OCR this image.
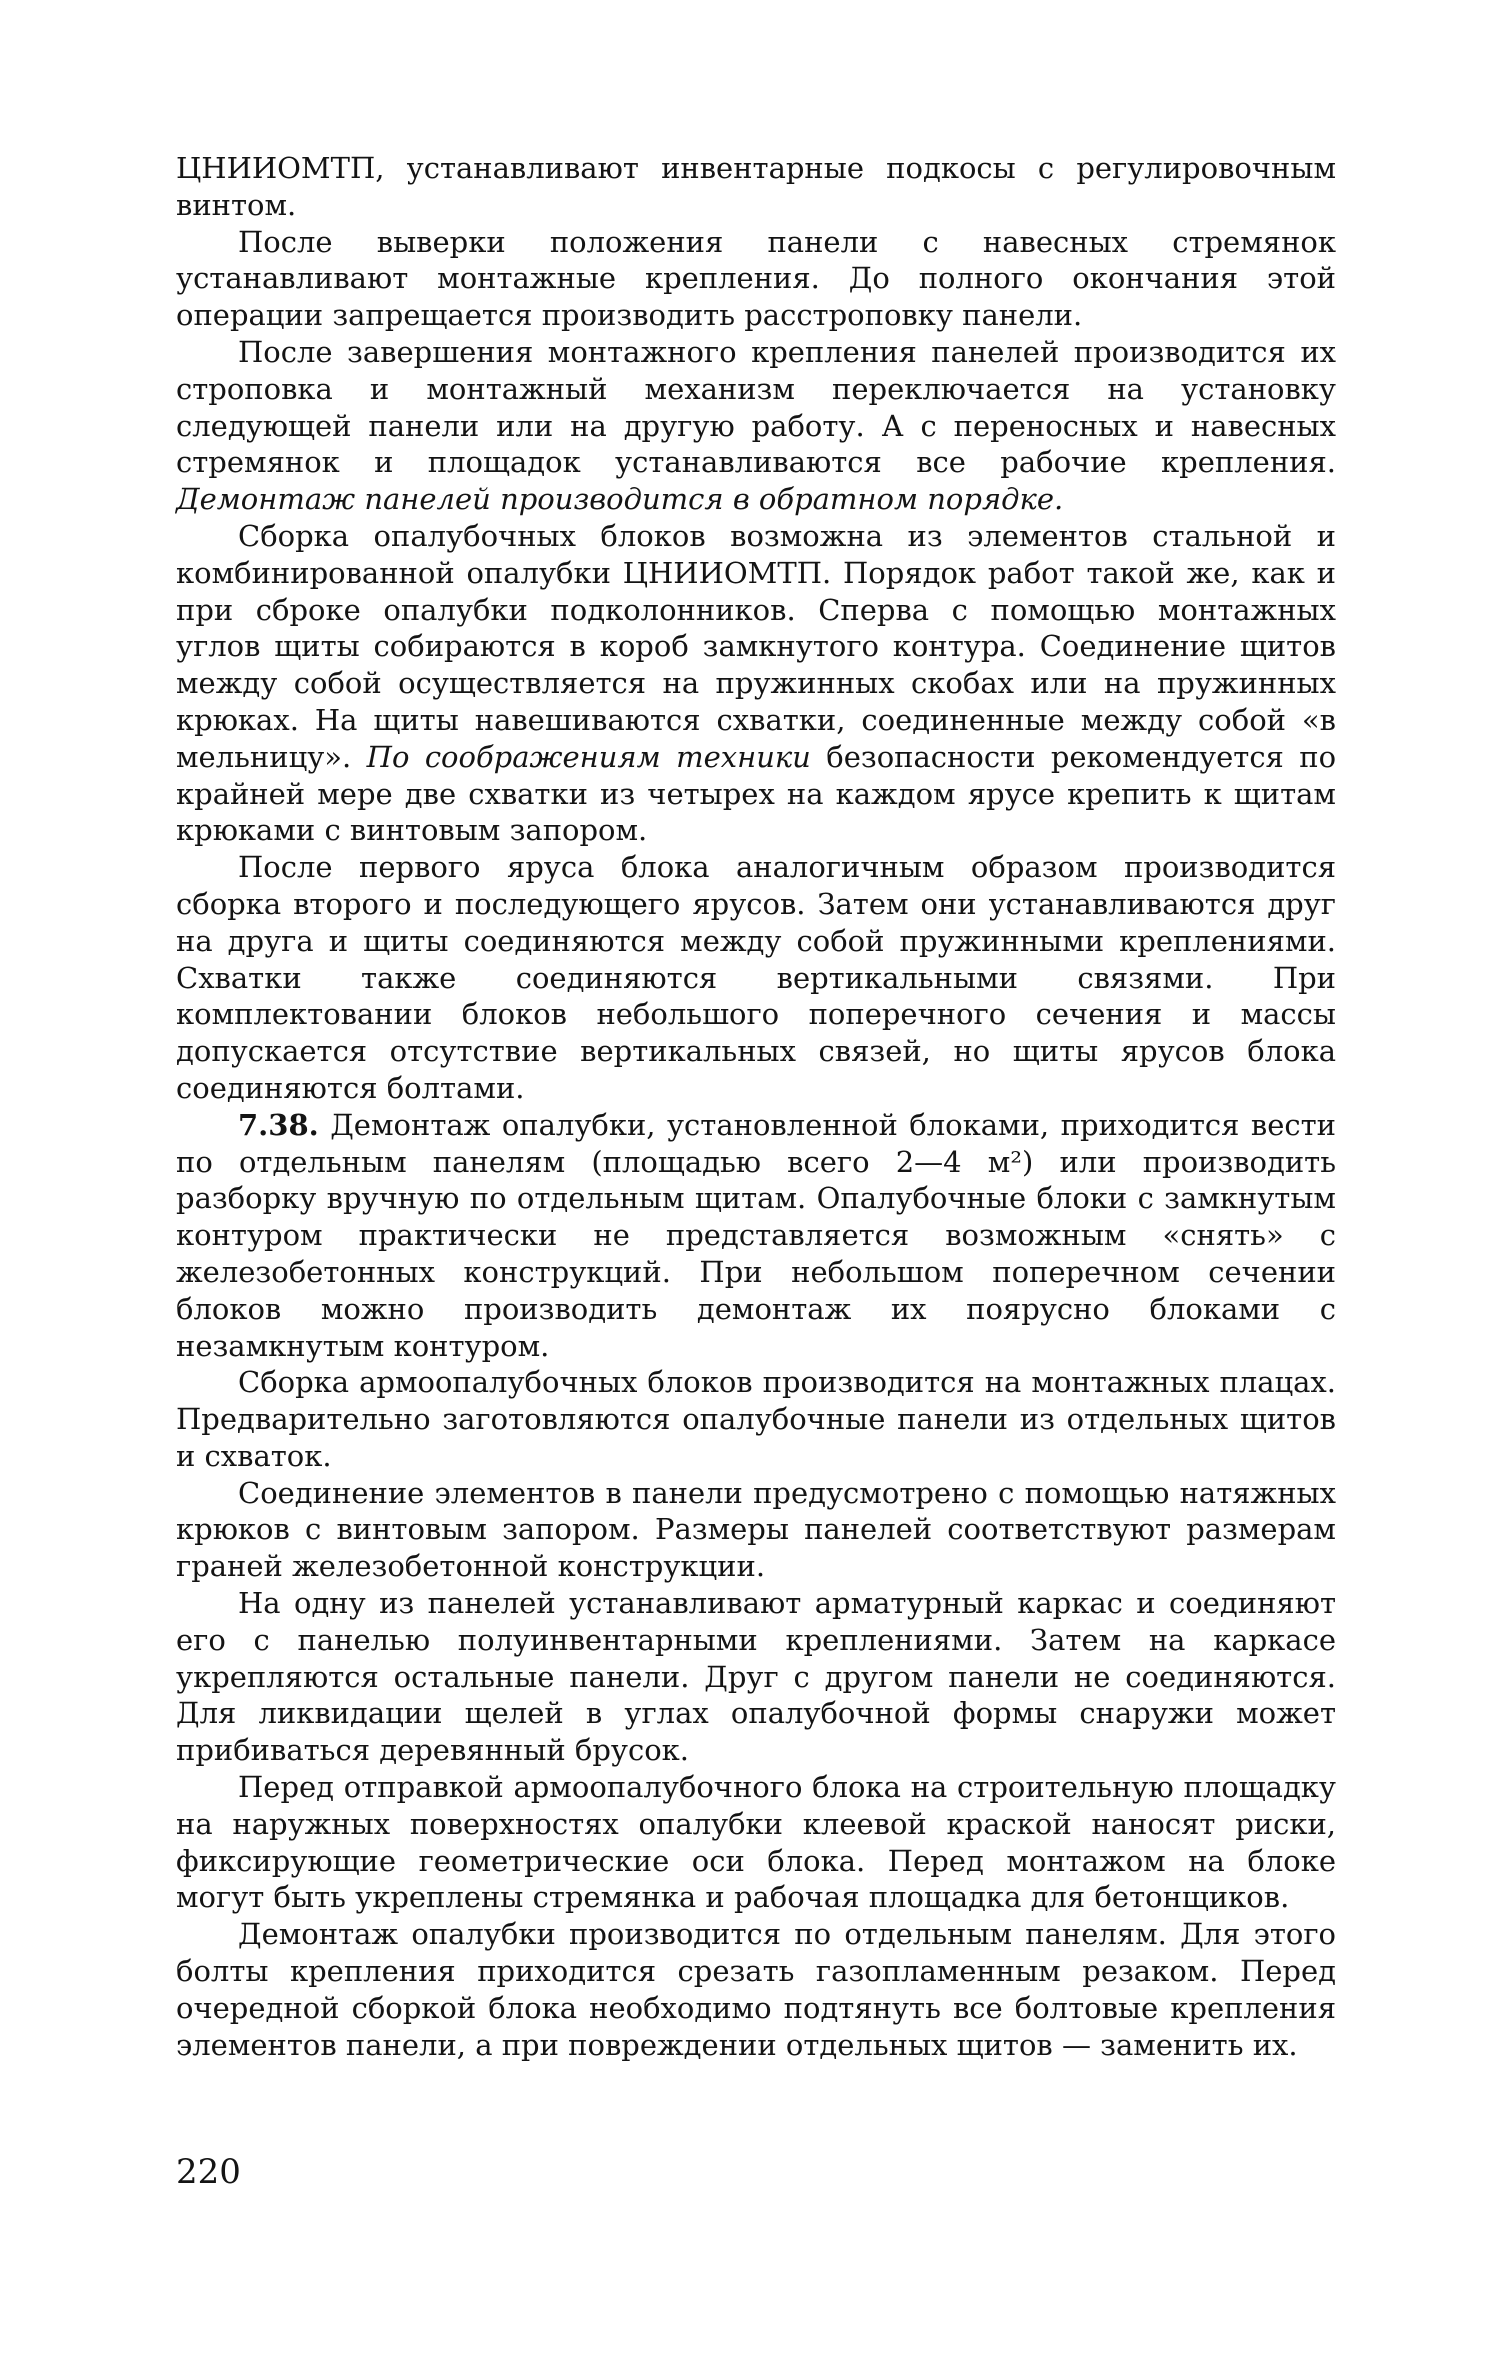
ЦНИИОМТП, устанавливают инвентарные подкосы с регулировочным винтом.

После выверки положения панели с навесных стремянок устанавливают монтажные крепления. До полного окончания этой операции запрещается производить расстроповку панели.

После завершения монтажного крепления панелей производится их строповка и монтажный механизм переключается на установку следующей панели или на другую работу. А с переносных и навесных стремянок и площадок устанавливаются все рабочие крепления. Демонтаж панелей производится в обратном порядке.

Сборка опалубочных блоков возможна из элементов стальной и комбинированной опалубки ЦНИИОМТП. Порядок работ такой же, как и при сброке опалубки подколонников. Сперва с помощью монтажных углов щиты собираются в короб замкнутого контура. Соединение щитов между собой осуществляется на пружинных скобах или на пружинных крюках. На щиты навешиваются схватки, соединенные между собой «в мельницу». По соображениям техники безопасности рекомендуется по крайней мере две схватки из четырех на каждом ярусе крепить к щитам крюками с винтовым запором.

После первого яруса блока аналогичным образом производится сборка второго и последующего ярусов. Затем они устанавливаются друг на друга и щиты соединяются между собой пружинными креплениями. Схватки также соединяются вертикальными связями. При комплектовании блоков небольшого поперечного сечения и массы допускается отсутствие вертикальных связей, но щиты ярусов блока соединяются болтами.

7.38. Демонтаж опалубки, установленной блоками, приходится вести по отдельным панелям (площадью всего 2—4 м²) или производить разборку вручную по отдельным щитам. Опалубочные блоки с замкнутым контуром практически не представляется возможным «снять» с железобетонных конструкций. При небольшом поперечном сечении блоков можно производить демонтаж их поярусно блоками с незамкнутым контуром.

Сборка армоопалубочных блоков производится на монтажных плацах. Предварительно заготовляются опалубочные панели из отдельных щитов и схваток.

Соединение элементов в панели предусмотрено с помощью натяжных крюков с винтовым запором. Размеры панелей соответствуют размерам граней железобетонной конструкции.

На одну из панелей устанавливают арматурный каркас и соединяют его с панелью полуинвентарными креплениями. Затем на каркасе укрепляются остальные панели. Друг с другом панели не соединяются. Для ликвидации щелей в углах опалубочной формы снаружи может прибиваться деревянный брусок.

Перед отправкой армоопалубочного блока на строительную площадку на наружных поверхностях опалубки клеевой краской наносят риски, фиксирующие геометрические оси блока. Перед монтажом на блоке могут быть укреплены стремянка и рабочая площадка для бетонщиков.

Демонтаж опалубки производится по отдельным панелям. Для этого болты крепления приходится срезать газопламенным резаком. Перед очередной сборкой блока необходимо подтянуть все болтовые крепления элементов панели, а при повреждении отдельных щитов — заменить их.

220
